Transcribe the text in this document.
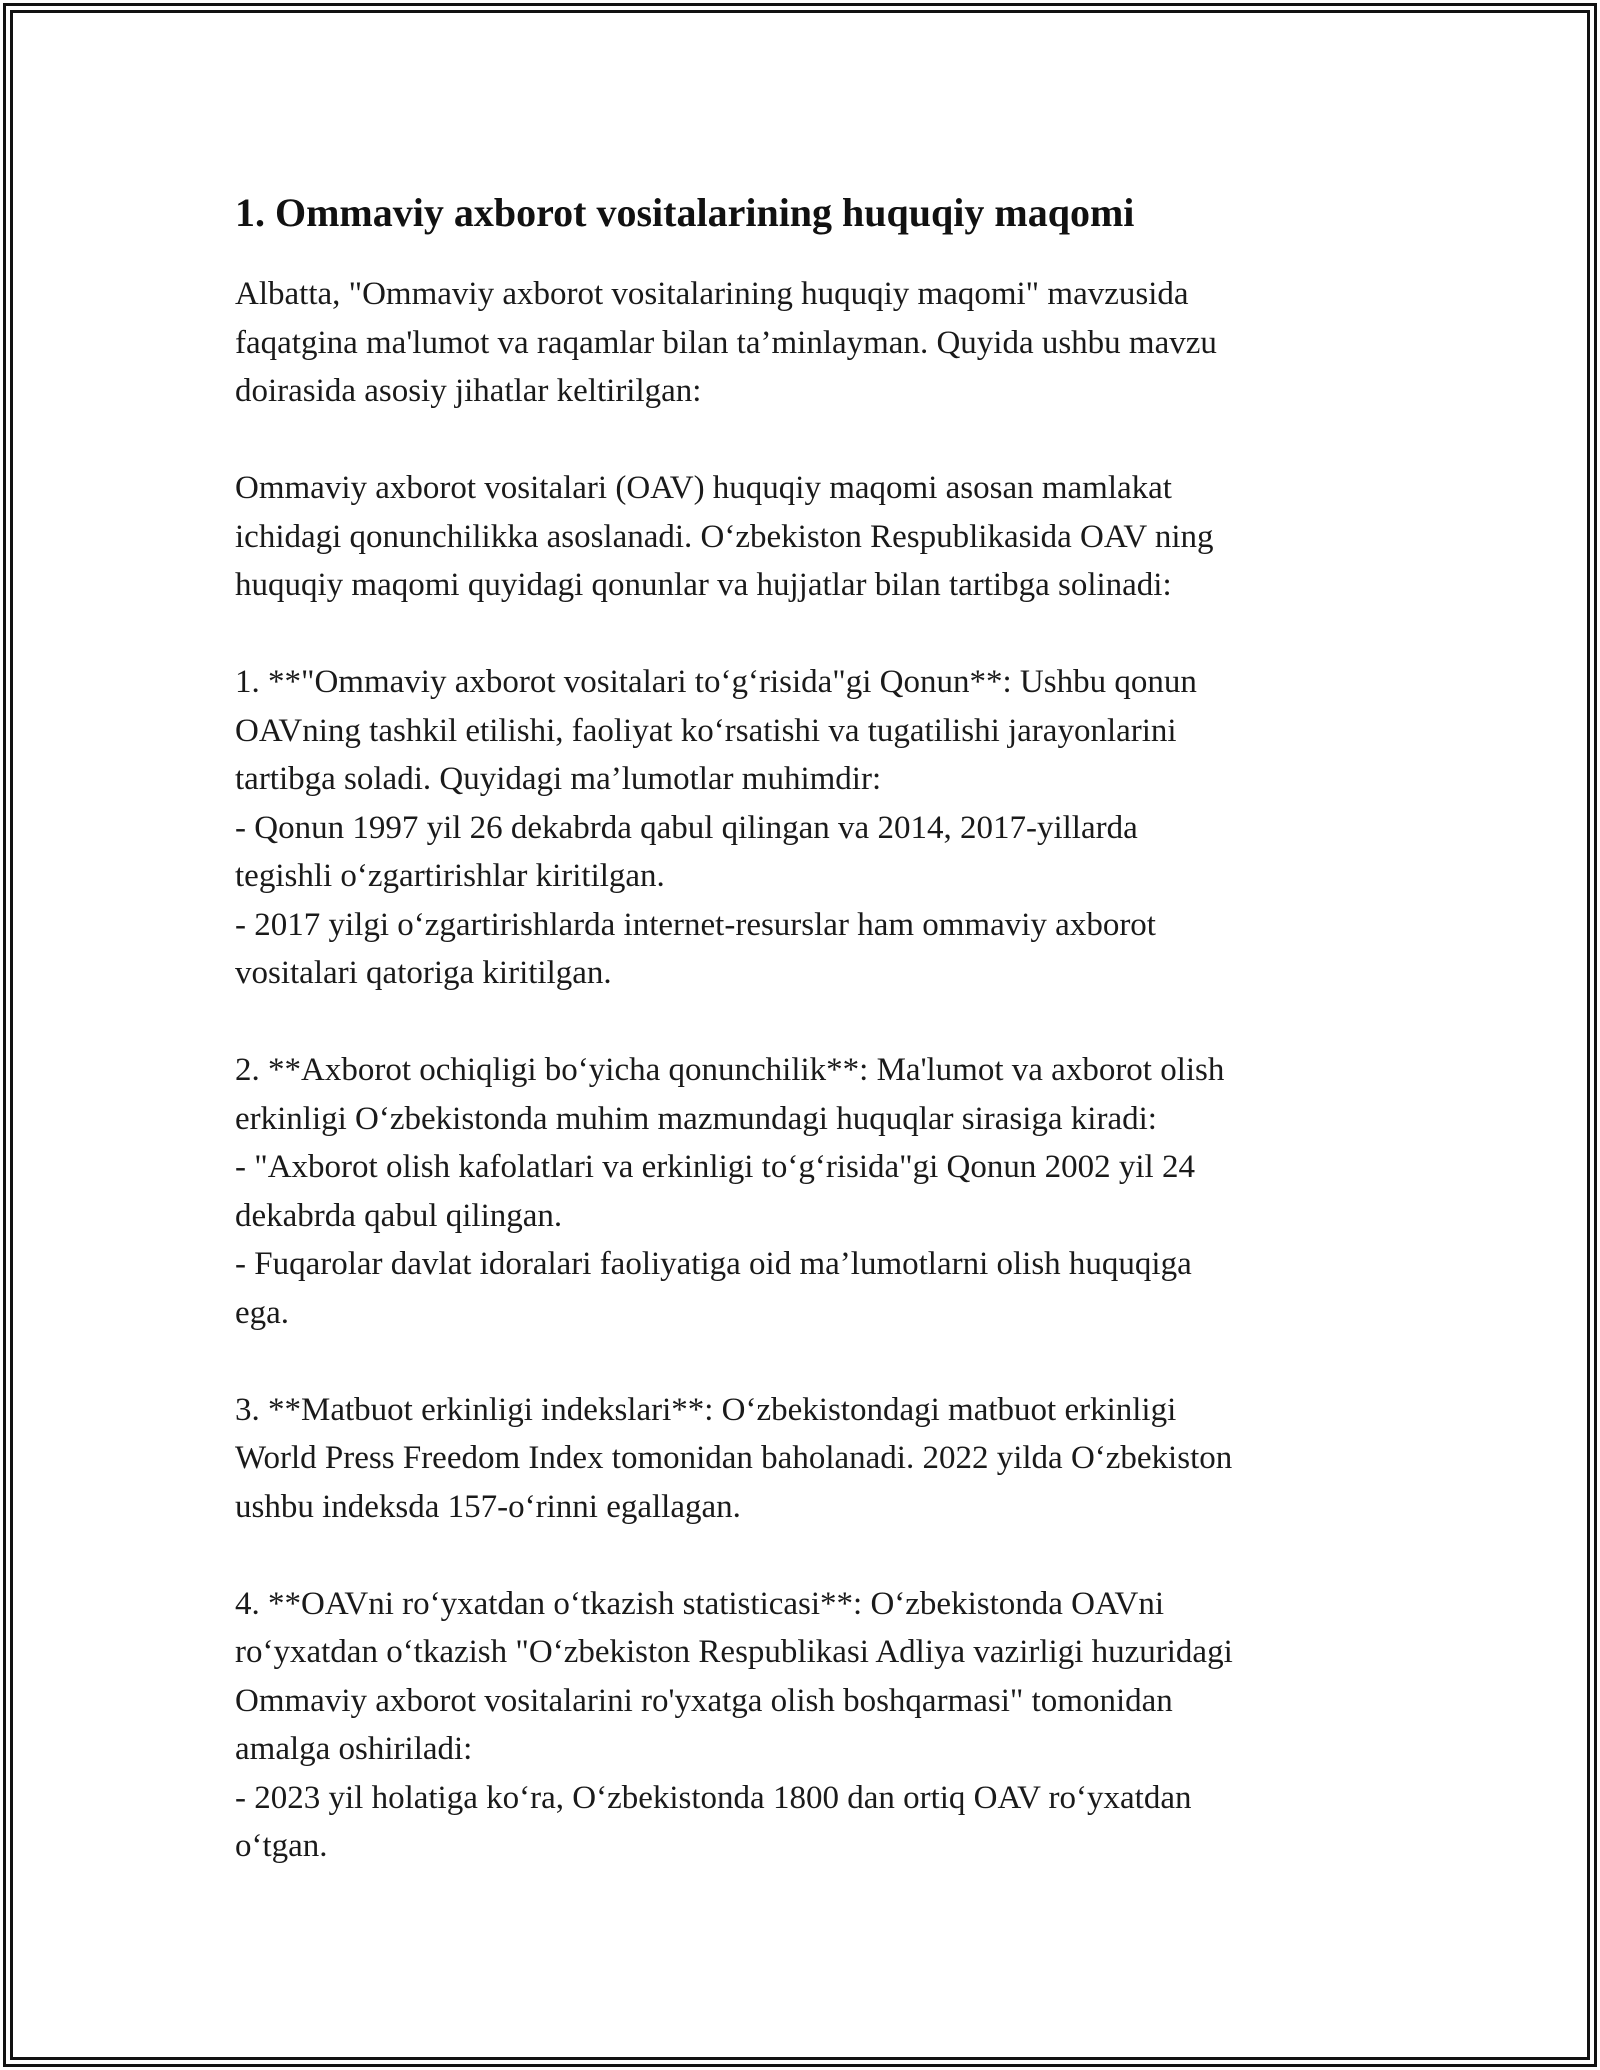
1. Ommaviy axborot vositalarining huquqiy maqomi

Albatta, "Ommaviy axborot vositalarining huquqiy maqomi" mavzusida
faqatgina ma'lumot va raqamlar bilan ta’minlayman. Quyida ushbu mavzu
doirasida asosiy jihatlar keltirilgan:

Ommaviy axborot vositalari (OAV) huquqiy maqomi asosan mamlakat
ichidagi qonunchilikka asoslanadi. O‘zbekiston Respublikasida OAV ning
huquqiy maqomi quyidagi qonunlar va hujjatlar bilan tartibga solinadi:

1. **"Ommaviy axborot vositalari to‘g‘risida"gi Qonun**: Ushbu qonun
OAVning tashkil etilishi, faoliyat ko‘rsatishi va tugatilishi jarayonlarini
tartibga soladi. Quyidagi ma’lumotlar muhimdir:
- Qonun 1997 yil 26 dekabrda qabul qilingan va 2014, 2017-yillarda
tegishli o‘zgartirishlar kiritilgan.
- 2017 yilgi o‘zgartirishlarda internet-resurslar ham ommaviy axborot
vositalari qatoriga kiritilgan.

2. **Axborot ochiqligi bo‘yicha qonunchilik**: Ma'lumot va axborot olish
erkinligi O‘zbekistonda muhim mazmundagi huquqlar sirasiga kiradi:
- "Axborot olish kafolatlari va erkinligi to‘g‘risida"gi Qonun 2002 yil 24
dekabrda qabul qilingan.
- Fuqarolar davlat idoralari faoliyatiga oid ma’lumotlarni olish huquqiga
ega.

3. **Matbuot erkinligi indekslari**: O‘zbekistondagi matbuot erkinligi
World Press Freedom Index tomonidan baholanadi. 2022 yilda O‘zbekiston
ushbu indeksda 157-o‘rinni egallagan.

4. **OAVni ro‘yxatdan o‘tkazish statisticasi**: O‘zbekistonda OAVni
ro‘yxatdan o‘tkazish "O‘zbekiston Respublikasi Adliya vazirligi huzuridagi
Ommaviy axborot vositalarini ro'yxatga olish boshqarmasi" tomonidan
amalga oshiriladi:
- 2023 yil holatiga ko‘ra, O‘zbekistonda 1800 dan ortiq OAV ro‘yxatdan
o‘tgan.
